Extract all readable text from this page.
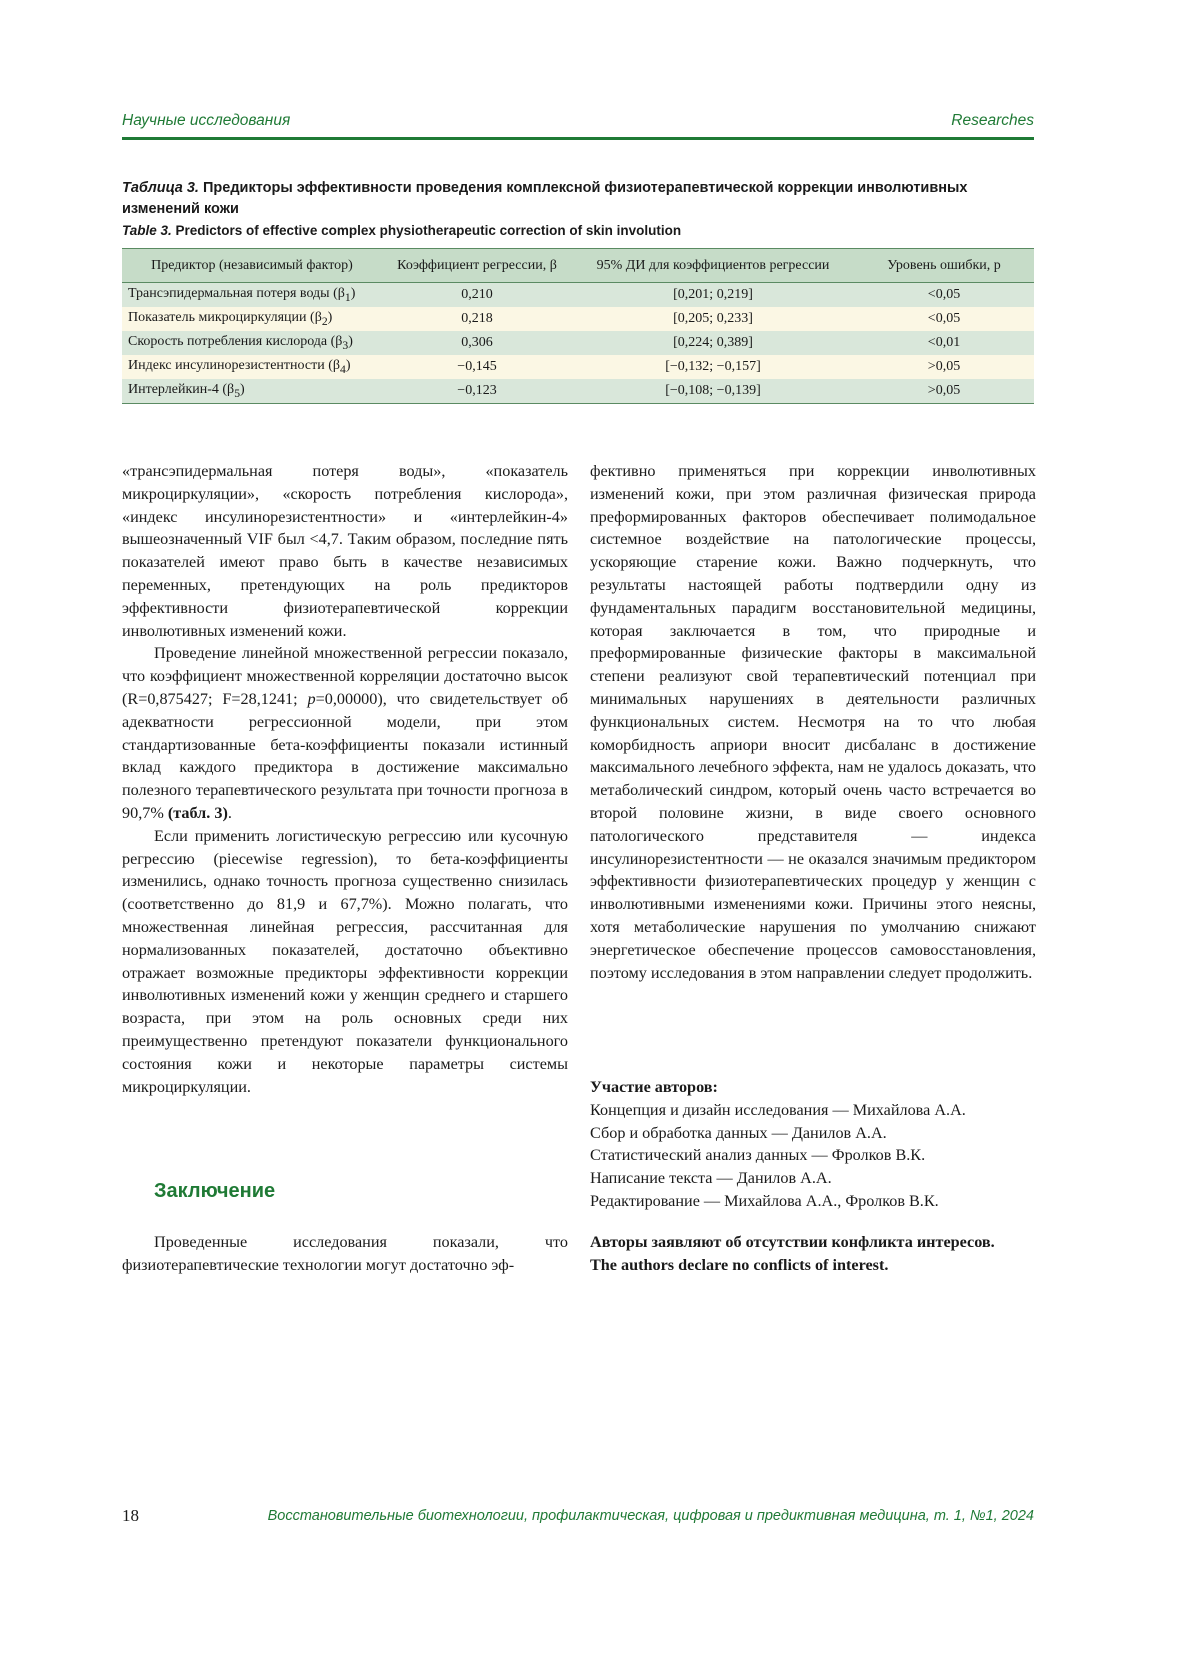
Научные исследования	Researches
Таблица 3. Предикторы эффективности проведения комплексной физиотерапевтической коррекции инволютивных изменений кожи
Table 3. Predictors of effective complex physiotherapeutic correction of skin involution
Предиктор (независимый фактор)	Коэффициент регрессии, β	95% ДИ для коэффициентов регрессии	Уровень ошибки, p
Трансэпидермальная потеря воды $(\beta_1)$	0,210	[0,201; 0,219]	<0,05
Показатель микроциркуляции $(\beta_2)$	0,218	[0,205; 0,233]	<0,05
Скорость потребления кислорода $(\beta_3)$	0,306	[0,224; 0,389]	<0,01
Индекс инсулинорезистентности $(\beta_4)$	−0,145	[−0,132; −0,157]	>0,05
Интерлейкин-4 $(\beta_5)$	−0,123	[−0,108; −0,139]	>0,05

«трансэпидермальная потеря воды», «показатель микроциркуляции», «скорость потребления кислорода», «индекс инсулинорезистентности» и «интерлейкин-4» вышеозначенный VIF был <4,7. Таким образом, последние пять показателей имеют право быть в качестве независимых переменных, претендующих на роль предикторов эффективности физиотерапевтической коррекции инволютивных изменений кожи.

Проведение линейной множественной регрессии показало, что коэффициент множественной корреляции достаточно высок (R=0,875427; F=28,1241; p=0,00000), что свидетельствует об адекватности регрессионной модели, при этом стандартизованные бета-коэффициенты показали истинный вклад каждого предиктора в достижение максимально полезного терапевтического результата при точности прогноза в 90,7% (табл. 3).

Если применить логистическую регрессию или кусочную регрессию (piecewise regression), то бета-коэффициенты изменились, однако точность прогноза существенно снизилась (соответственно до 81,9 и 67,7%). Можно полагать, что множественная линейная регрессия, рассчитанная для нормализованных показателей, достаточно объективно отражает возможные предикторы эффективности коррекции инволютивных изменений кожи у женщин среднего и старшего возраста, при этом на роль основных среди них преимущественно претендуют показатели функционального состояния кожи и некоторые параметры системы микроциркуляции.

Заключение

Проведенные исследования показали, что физиотерапевтические технологии могут достаточно эф-

фективно применяться при коррекции инволютивных изменений кожи, при этом различная физическая природа преформированных факторов обеспечивает полимодальное системное воздействие на патологические процессы, ускоряющие старение кожи. Важно подчеркнуть, что результаты настоящей работы подтвердили одну из фундаментальных парадигм восстановительной медицины, которая заключается в том, что природные и преформированные физические факторы в максимальной степени реализуют свой терапевтический потенциал при минимальных нарушениях в деятельности различных функциональных систем. Несмотря на то что любая коморбидность априори вносит дисбаланс в достижение максимального лечебного эффекта, нам не удалось доказать, что метаболический синдром, который очень часто встречается во второй половине жизни, в виде своего основного патологического представителя — индекса инсулинорезистентности — не оказался значимым предиктором эффективности физиотерапевтических процедур у женщин с инволютивными изменениями кожи. Причины этого неясны, хотя метаболические нарушения по умолчанию снижают энергетическое обеспечение процессов самовосстановления, поэтому исследования в этом направлении следует продолжить.

Участие авторов:
Концепция и дизайн исследования — Михайлова А.А.
Сбор и обработка данных — Данилов А.А.
Статистический анализ данных — Фролков В.К.
Написание текста — Данилов А.А.
Редактирование — Михайлова А.А., Фролков В.К.
Авторы заявляют об отсутствии конфликта интересов.
The authors declare no conflicts of interest.
18	Восстановительные биотехнологии, профилактическая, цифровая и предиктивная медицина, т. 1, №1, 2024
